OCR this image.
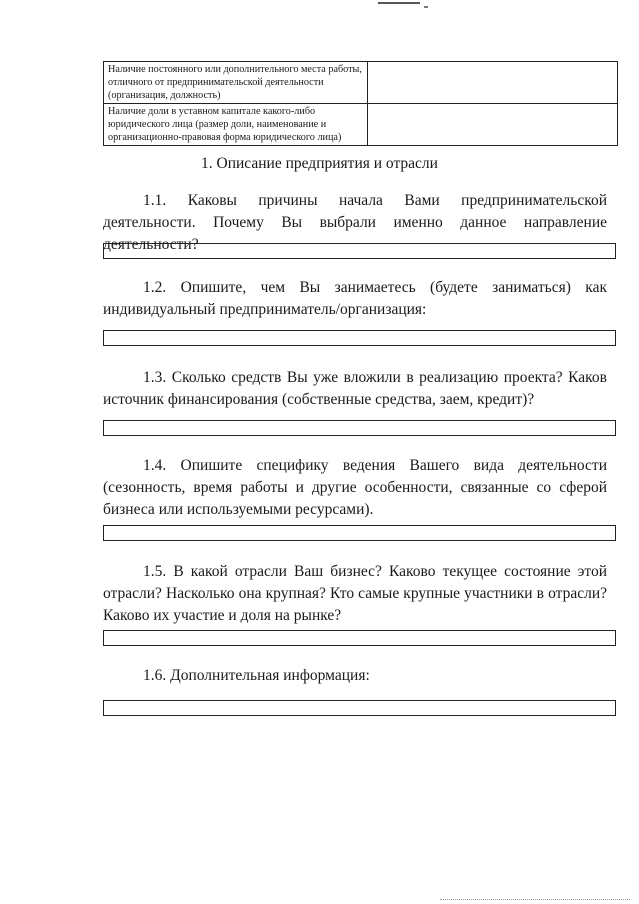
Наличие постоянного или дополнительного места работы, отличного от предпринимательской деятельности (организация, должность)	
Наличие доли в уставном капитале какого-либо юридического лица (размер доли, наименование и организационно-правовая форма юридического лица)	
1. Описание предприятия и отрасли
1.1. Каковы причины начала Вами предпринимательской деятельности. Почему Вы выбрали именно данное направление деятельности?
1.2. Опишите, чем Вы занимаетесь (будете заниматься) как индивидуальный предприниматель/организация:
1.3. Сколько средств Вы уже вложили в реализацию проекта? Каков источник финансирования (собственные средства, заем, кредит)?
1.4. Опишите специфику ведения Вашего вида деятельности (сезонность, время работы и другие особенности, связанные со сферой бизнеса или используемыми ресурсами).
1.5. В какой отрасли Ваш бизнес? Каково текущее состояние этой отрасли? Насколько она крупная? Кто самые крупные участники в отрасли? Каково их участие и доля на рынке?
1.6. Дополнительная информация:
